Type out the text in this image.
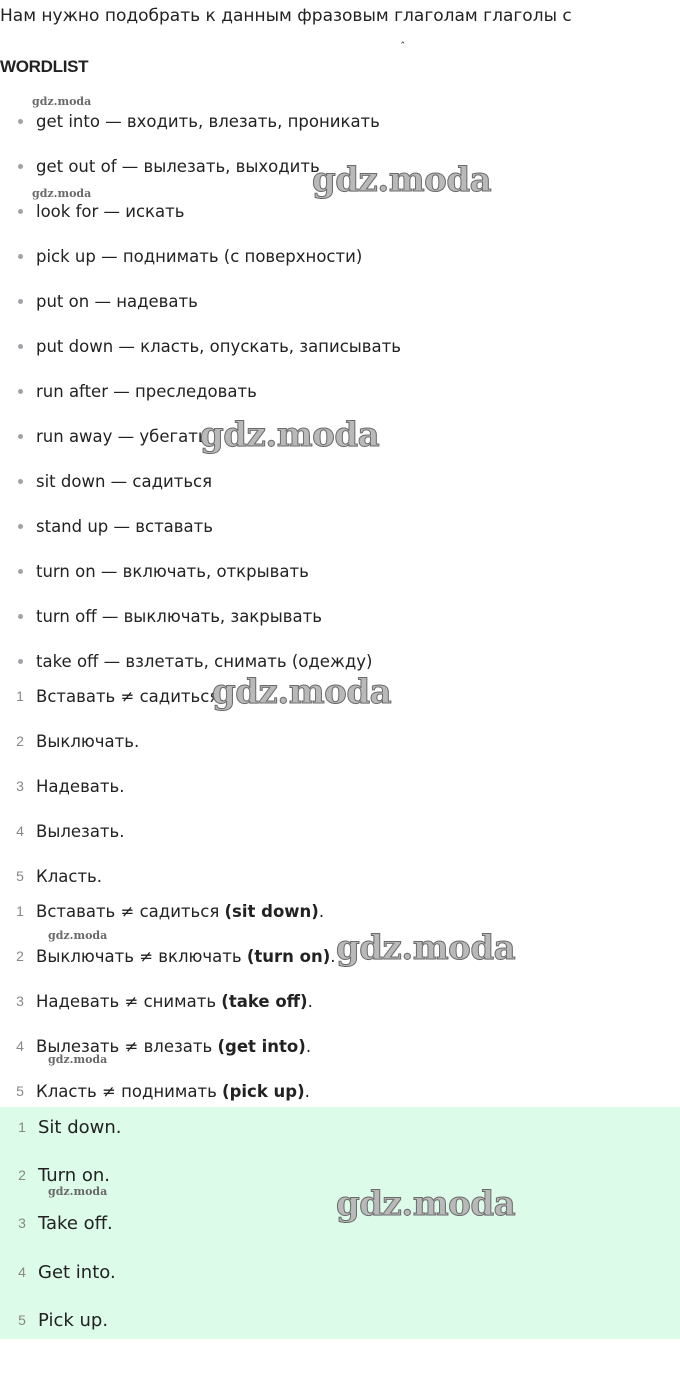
Нам нужно подобрать к данным фразовым глаголам глаголы с
ˆ
WORDLIST
get into — входить, влезать, проникать
get out of — вылезать, выходить
look for — искать
pick up — поднимать (с поверхности)
put on — надевать
put down — класть, опускать, записывать
run after — преследовать
run away — убегать
sit down — садиться
stand up — вставать
turn on — включать, открывать
turn off — выключать, закрывать
take off — взлетать, снимать (одежду)
1 Вставать ≠ садиться.
2 Выключать.
3 Надевать.
4 Вылезать.
5 Класть.
1 Вставать ≠ садиться (sit down).
2 Выключать ≠ включать (turn on).
3 Надевать ≠ снимать (take off).
4 Вылезать ≠ влезать (get into).
5 Класть ≠ поднимать (pick up).
1 Sit down.
2 Turn on.
3 Take off.
4 Get into.
5 Pick up.
gdz.moda
gdz.moda
gdz.moda
gdz.moda
gdz.moda
gdz.moda
gdz.moda
gdz.moda
gdz.moda
gdz.moda
